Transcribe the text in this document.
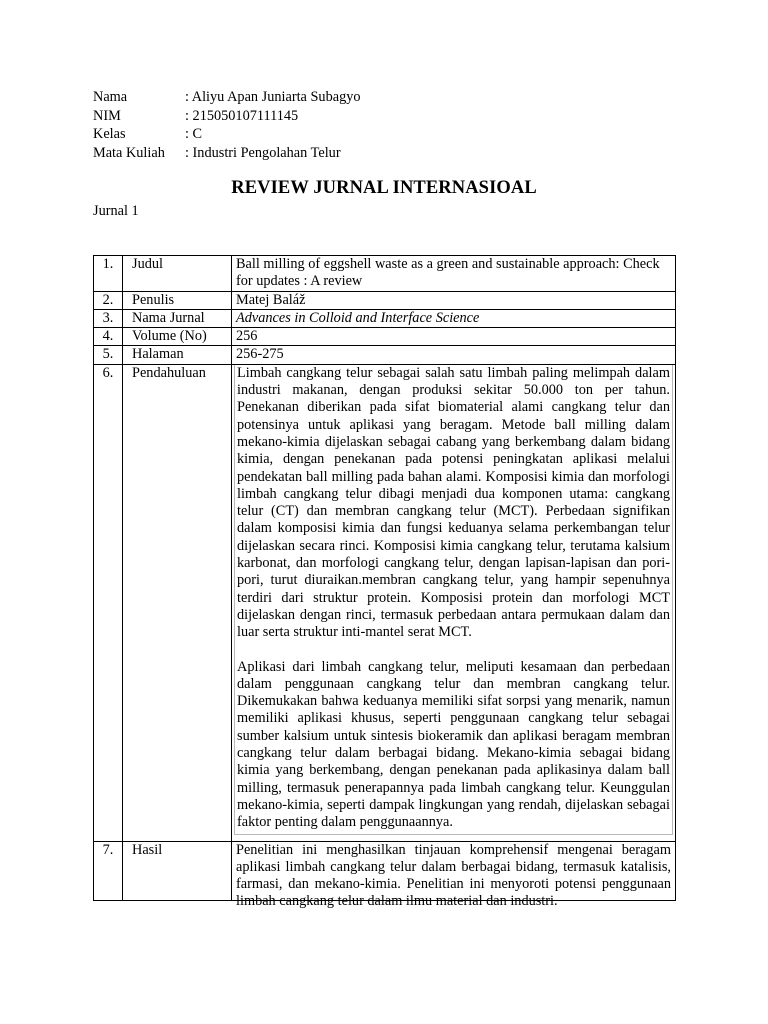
Nama	: Aliyu Apan Juniarta Subagyo
NIM	: 215050107111145
Kelas	: C
Mata Kuliah	: Industri Pengolahan Telur
REVIEW JURNAL INTERNASIOAL
Jurnal 1
1.	Judul	Ball milling of eggshell waste as a green and sustainable approach: Check for updates : A review
2.	Penulis	Matej Baláž
3.	Nama Jurnal	Advances in Colloid and Interface Science
4.	Volume (No)	256
5.	Halaman	256-275
6.	Pendahuluan	Limbah cangkang telur sebagai salah satu limbah paling melimpah dalam industri makanan, dengan produksi sekitar 50.000 ton per tahun. Penekanan diberikan pada sifat biomaterial alami cangkang telur dan potensinya untuk aplikasi yang beragam. Metode ball milling dalam mekano-kimia dijelaskan sebagai cabang yang berkembang dalam bidang kimia, dengan penekanan pada potensi peningkatan aplikasi melalui pendekatan ball milling pada bahan alami. Komposisi kimia dan morfologi limbah cangkang telur dibagi menjadi dua komponen utama: cangkang telur (CT) dan membran cangkang telur (MCT). Perbedaan signifikan dalam komposisi kimia dan fungsi keduanya selama perkembangan telur dijelaskan secara rinci. Komposisi kimia cangkang telur, terutama kalsium karbonat, dan morfologi cangkang telur, dengan lapisan-lapisan dan pori-pori, turut diuraikan.membran cangkang telur, yang hampir sepenuhnya terdiri dari struktur protein. Komposisi protein dan morfologi MCT dijelaskan dengan rinci, termasuk perbedaan antara permukaan dalam dan luar serta struktur inti-mantel serat MCT.
Aplikasi dari limbah cangkang telur, meliputi kesamaan dan perbedaan dalam penggunaan cangkang telur dan membran cangkang telur. Dikemukakan bahwa keduanya memiliki sifat sorpsi yang menarik, namun memiliki aplikasi khusus, seperti penggunaan cangkang telur sebagai sumber kalsium untuk sintesis biokeramik dan aplikasi beragam membran cangkang telur dalam berbagai bidang. Mekano-kimia sebagai bidang kimia yang berkembang, dengan penekanan pada aplikasinya dalam ball milling, termasuk penerapannya pada limbah cangkang telur. Keunggulan mekano-kimia, seperti dampak lingkungan yang rendah, dijelaskan sebagai faktor penting dalam penggunaannya.

7.	Hasil	Penelitian ini menghasilkan tinjauan komprehensif mengenai beragam aplikasi limbah cangkang telur dalam berbagai bidang, termasuk katalisis, farmasi, dan mekano-kimia. Penelitian ini menyoroti potensi penggunaan limbah cangkang telur dalam ilmu material dan industri.
